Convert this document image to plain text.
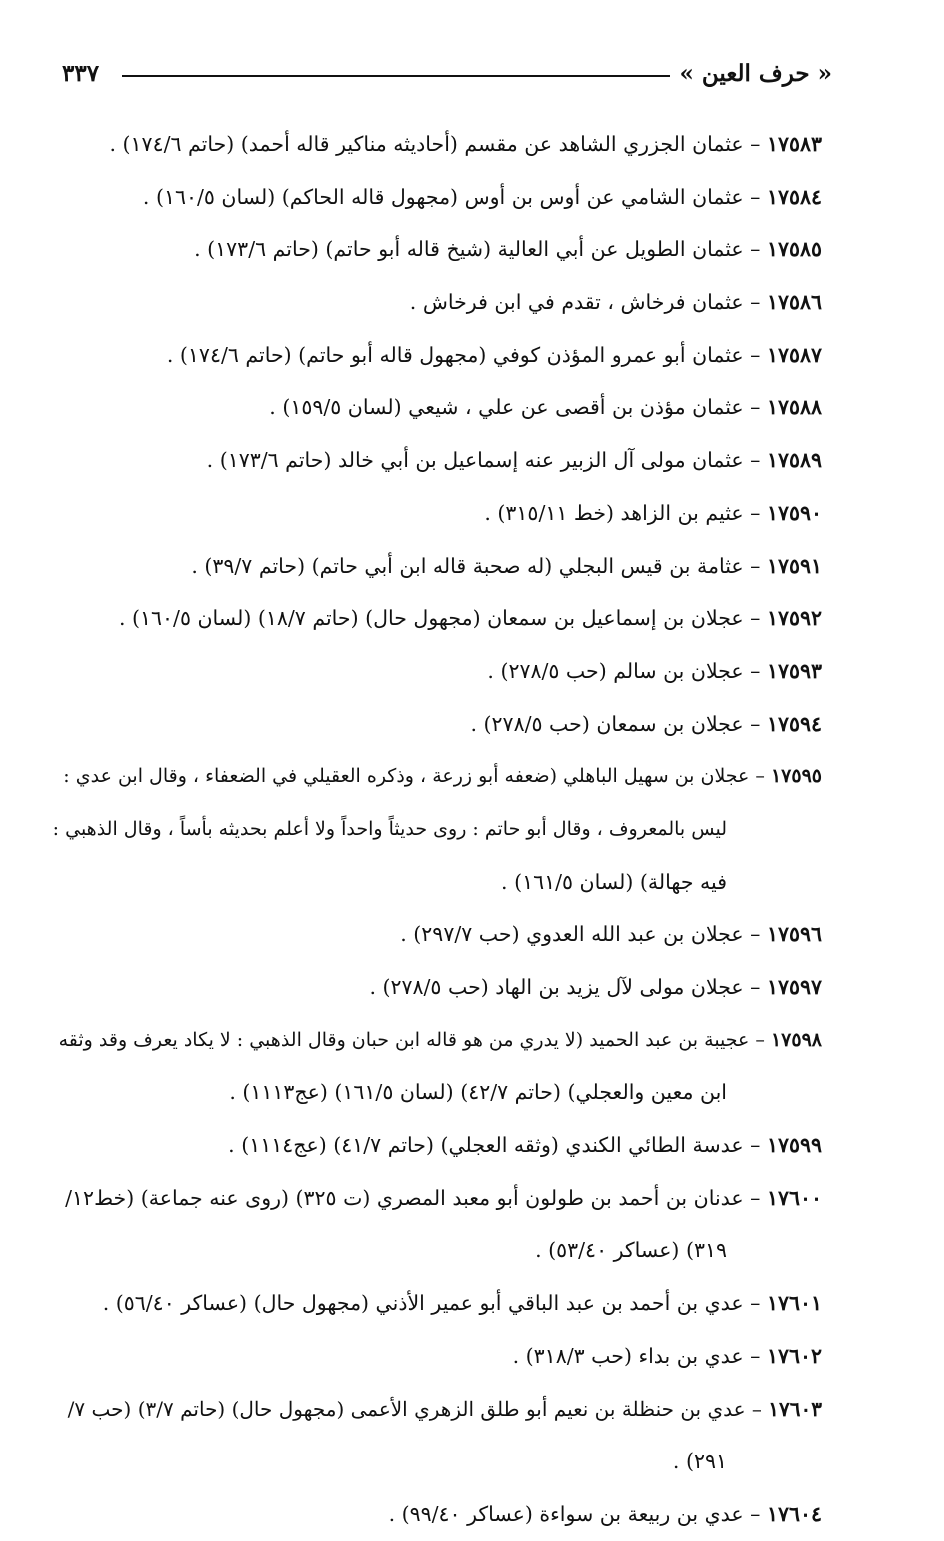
« حرف العين »
٣٣٧
١٧٥٨٣ – عثمان الجزري الشاهد عن مقسم (أحاديثه مناكير قاله أحمد) (حاتم ١٧٤/٦) .
١٧٥٨٤ – عثمان الشامي عن أوس بن أوس (مجهول قاله الحاكم) (لسان ١٦٠/٥) .
١٧٥٨٥ – عثمان الطويل عن أبي العالية (شيخ قاله أبو حاتم) (حاتم ١٧٣/٦) .
١٧٥٨٦ – عثمان فرخاش ، تقدم في ابن فرخاش .
١٧٥٨٧ – عثمان أبو عمرو المؤذن كوفي (مجهول قاله أبو حاتم) (حاتم ١٧٤/٦) .
١٧٥٨٨ – عثمان مؤذن بن أقصى عن علي ، شيعي (لسان ١٥٩/٥) .
١٧٥٨٩ – عثمان مولى آل الزبير عنه إسماعيل بن أبي خالد (حاتم ١٧٣/٦) .
١٧٥٩٠ – عثيم بن الزاهد (خط ٣١٥/١١) .
١٧٥٩١ – عثامة بن قيس البجلي (له صحبة قاله ابن أبي حاتم) (حاتم ٣٩/٧) .
١٧٥٩٢ – عجلان بن إسماعيل بن سمعان (مجهول حال) (حاتم ١٨/٧) (لسان ١٦٠/٥) .
١٧٥٩٣ – عجلان بن سالم (حب ٢٧٨/٥) .
١٧٥٩٤ – عجلان بن سمعان (حب ٢٧٨/٥) .
١٧٥٩٥ – عجلان بن سهيل الباهلي (ضعفه أبو زرعة ، وذكره العقيلي في الضعفاء ، وقال ابن عدي :
ليس بالمعروف ، وقال أبو حاتم : روى حديثاً واحداً ولا أعلم بحديثه بأساً ، وقال الذهبي :
فيه جهالة) (لسان ١٦١/٥) .
١٧٥٩٦ – عجلان بن عبد الله العدوي (حب ٢٩٧/٧) .
١٧٥٩٧ – عجلان مولى لآل يزيد بن الهاد (حب ٢٧٨/٥) .
١٧٥٩٨ – عجيبة بن عبد الحميد (لا يدري من هو قاله ابن حبان وقال الذهبي : لا يكاد يعرف وقد وثقه
ابن معين والعجلي) (حاتم ٤٢/٧) (لسان ١٦١/٥) (عج١١١٣) .
١٧٥٩٩ – عدسة الطائي الكندي (وثقه العجلي) (حاتم ٤١/٧) (عج١١١٤) .
١٧٦٠٠ – عدنان بن أحمد بن طولون أبو معبد المصري (ت ٣٢٥) (روى عنه جماعة) (خط١٢/
٣١٩) (عساكر ٥٣/٤٠) .
١٧٦٠١ – عدي بن أحمد بن عبد الباقي أبو عمير الأذني (مجهول حال) (عساكر ٥٦/٤٠) .
١٧٦٠٢ – عدي بن بداء (حب ٣١٨/٣) .
١٧٦٠٣ – عدي بن حنظلة بن نعيم أبو طلق الزهري الأعمى (مجهول حال) (حاتم ٣/٧) (حب ٧/
٢٩١) .
١٧٦٠٤ – عدي بن ربيعة بن سواءة (عساكر ٩٩/٤٠) .
